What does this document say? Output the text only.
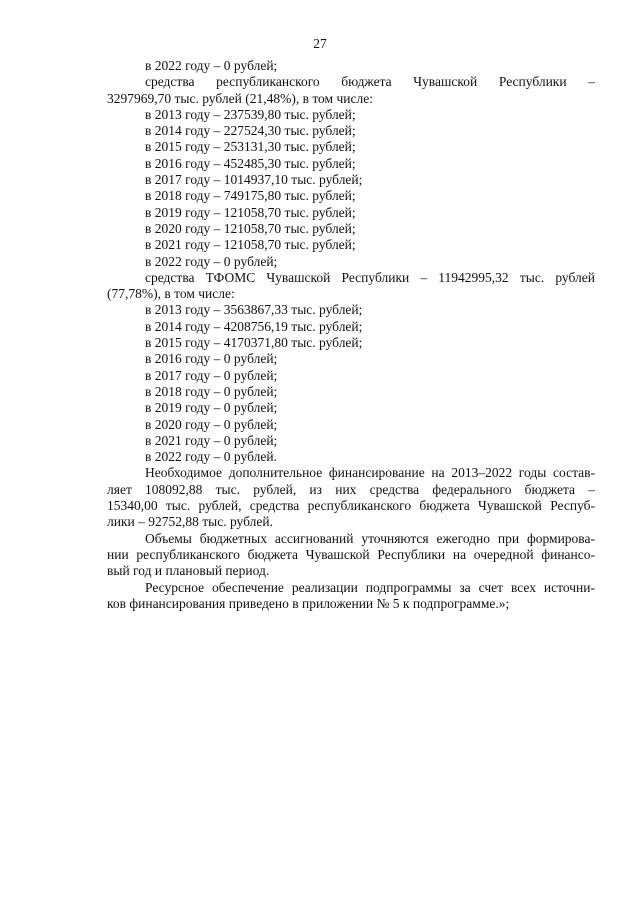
27
в 2022 году – 0 рублей;
средства республиканского бюджета Чувашской Республики –
3297969,70 тыс. рублей (21,48%), в том числе:
в 2013 году – 237539,80 тыс. рублей;
в 2014 году – 227524,30 тыс. рублей;
в 2015 году – 253131,30 тыс. рублей;
в 2016 году – 452485,30 тыс. рублей;
в 2017 году – 1014937,10 тыс. рублей;
в 2018 году – 749175,80 тыс. рублей;
в 2019 году – 121058,70 тыс. рублей;
в 2020 году – 121058,70 тыс. рублей;
в 2021 году – 121058,70 тыс. рублей;
в 2022 году – 0 рублей;
средства ТФОМС Чувашской Республики – 11942995,32 тыс. рублей
(77,78%), в том числе:
в 2013 году – 3563867,33 тыс. рублей;
в 2014 году – 4208756,19 тыс. рублей;
в 2015 году – 4170371,80 тыс. рублей;
в 2016 году – 0 рублей;
в 2017 году – 0 рублей;
в 2018 году – 0 рублей;
в 2019 году – 0 рублей;
в 2020 году – 0 рублей;
в 2021 году – 0 рублей;
в 2022 году – 0 рублей.
Необходимое дополнительное финансирование на 2013–2022 годы состав-
ляет 108092,88 тыс. рублей, из них средства федерального бюджета –
15340,00 тыс. рублей, средства республиканского бюджета Чувашской Респуб-
лики – 92752,88 тыс. рублей.
Объемы бюджетных ассигнований уточняются ежегодно при формирова-
нии республиканского бюджета Чувашской Республики на очередной финансо-
вый год и плановый период.
Ресурсное обеспечение реализации подпрограммы за счет всех источни-
ков финансирования приведено в приложении № 5 к подпрограмме.»;
